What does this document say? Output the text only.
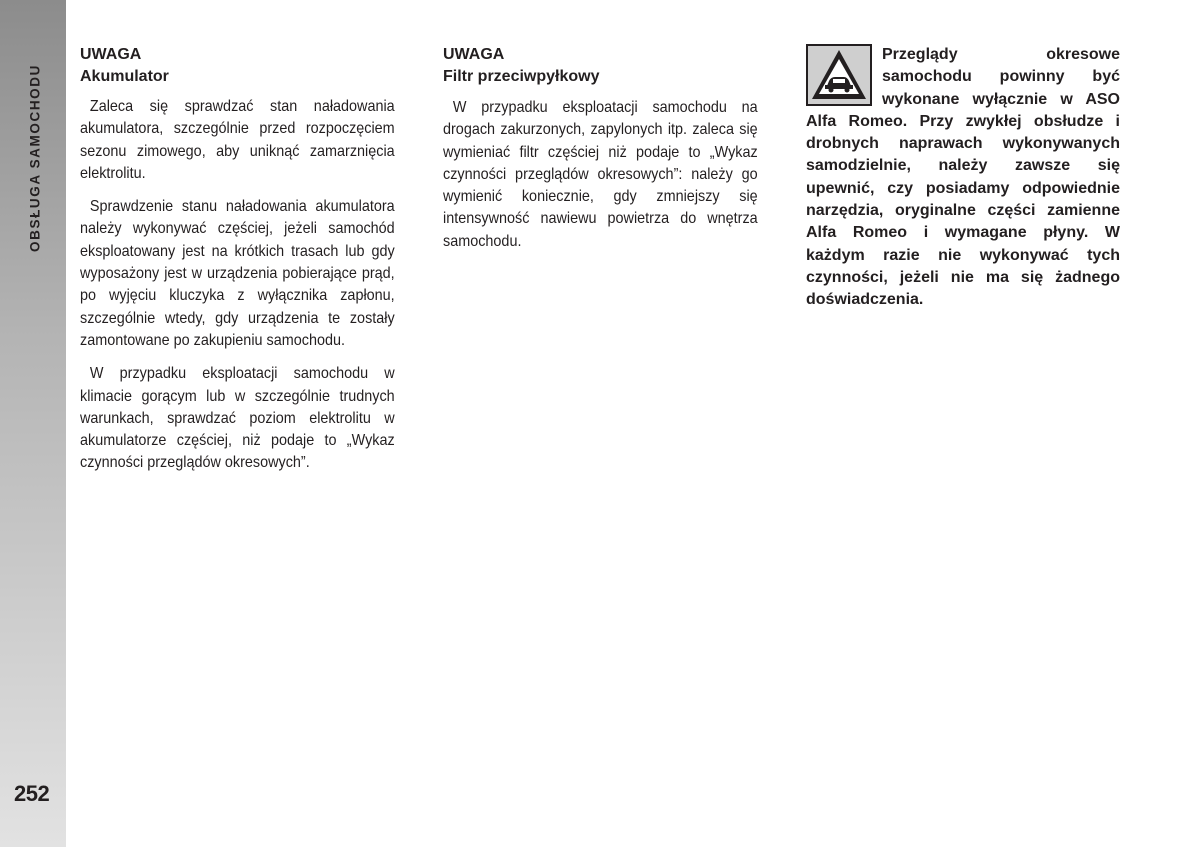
OBSŁUGA SAMOCHODU
252

UWAGA

Akumulator

Zaleca się sprawdzać stan naładowania akumulatora, szczególnie przed rozpoczęciem sezonu zimowego, aby uniknąć zamarznięcia elektrolitu.

Sprawdzenie stanu naładowania akumulatora należy wykonywać częściej, jeżeli samochód eksploatowany jest na krótkich trasach lub gdy wyposażony jest w urządzenia pobierające prąd, po wyjęciu kluczyka z wyłącznika zapłonu, szczególnie wtedy, gdy urządzenia te zostały zamontowane po zakupieniu samochodu.

W przypadku eksploatacji samochodu w klimacie gorącym lub w szczególnie trudnych warunkach, sprawdzać poziom elektrolitu w akumulatorze częściej, niż podaje to „Wykaz czynności przeglądów okresowych”.

UWAGA

Filtr przeciwpyłkowy

W przypadku eksploatacji samochodu na drogach zakurzonych, zapylonych itp. zaleca się wymieniać filtr częściej niż podaje to „Wykaz czynności przeglądów okresowych”: należy go wymienić koniecznie, gdy zmniejszy się intensywność nawiewu powietrza do wnętrza samochodu.

Przeglądy okresowe samochodu powinny być wykonane wyłącznie w ASO Alfa Romeo. Przy zwykłej obsłudze i drobnych naprawach wykonywanych samodzielnie, należy zawsze się upewnić, czy posiadamy odpowiednie narzędzia, oryginalne części zamienne Alfa Romeo i wymagane płyny. W każdym razie nie wykonywać tych czynności, jeżeli nie ma się żadnego doświadczenia.
